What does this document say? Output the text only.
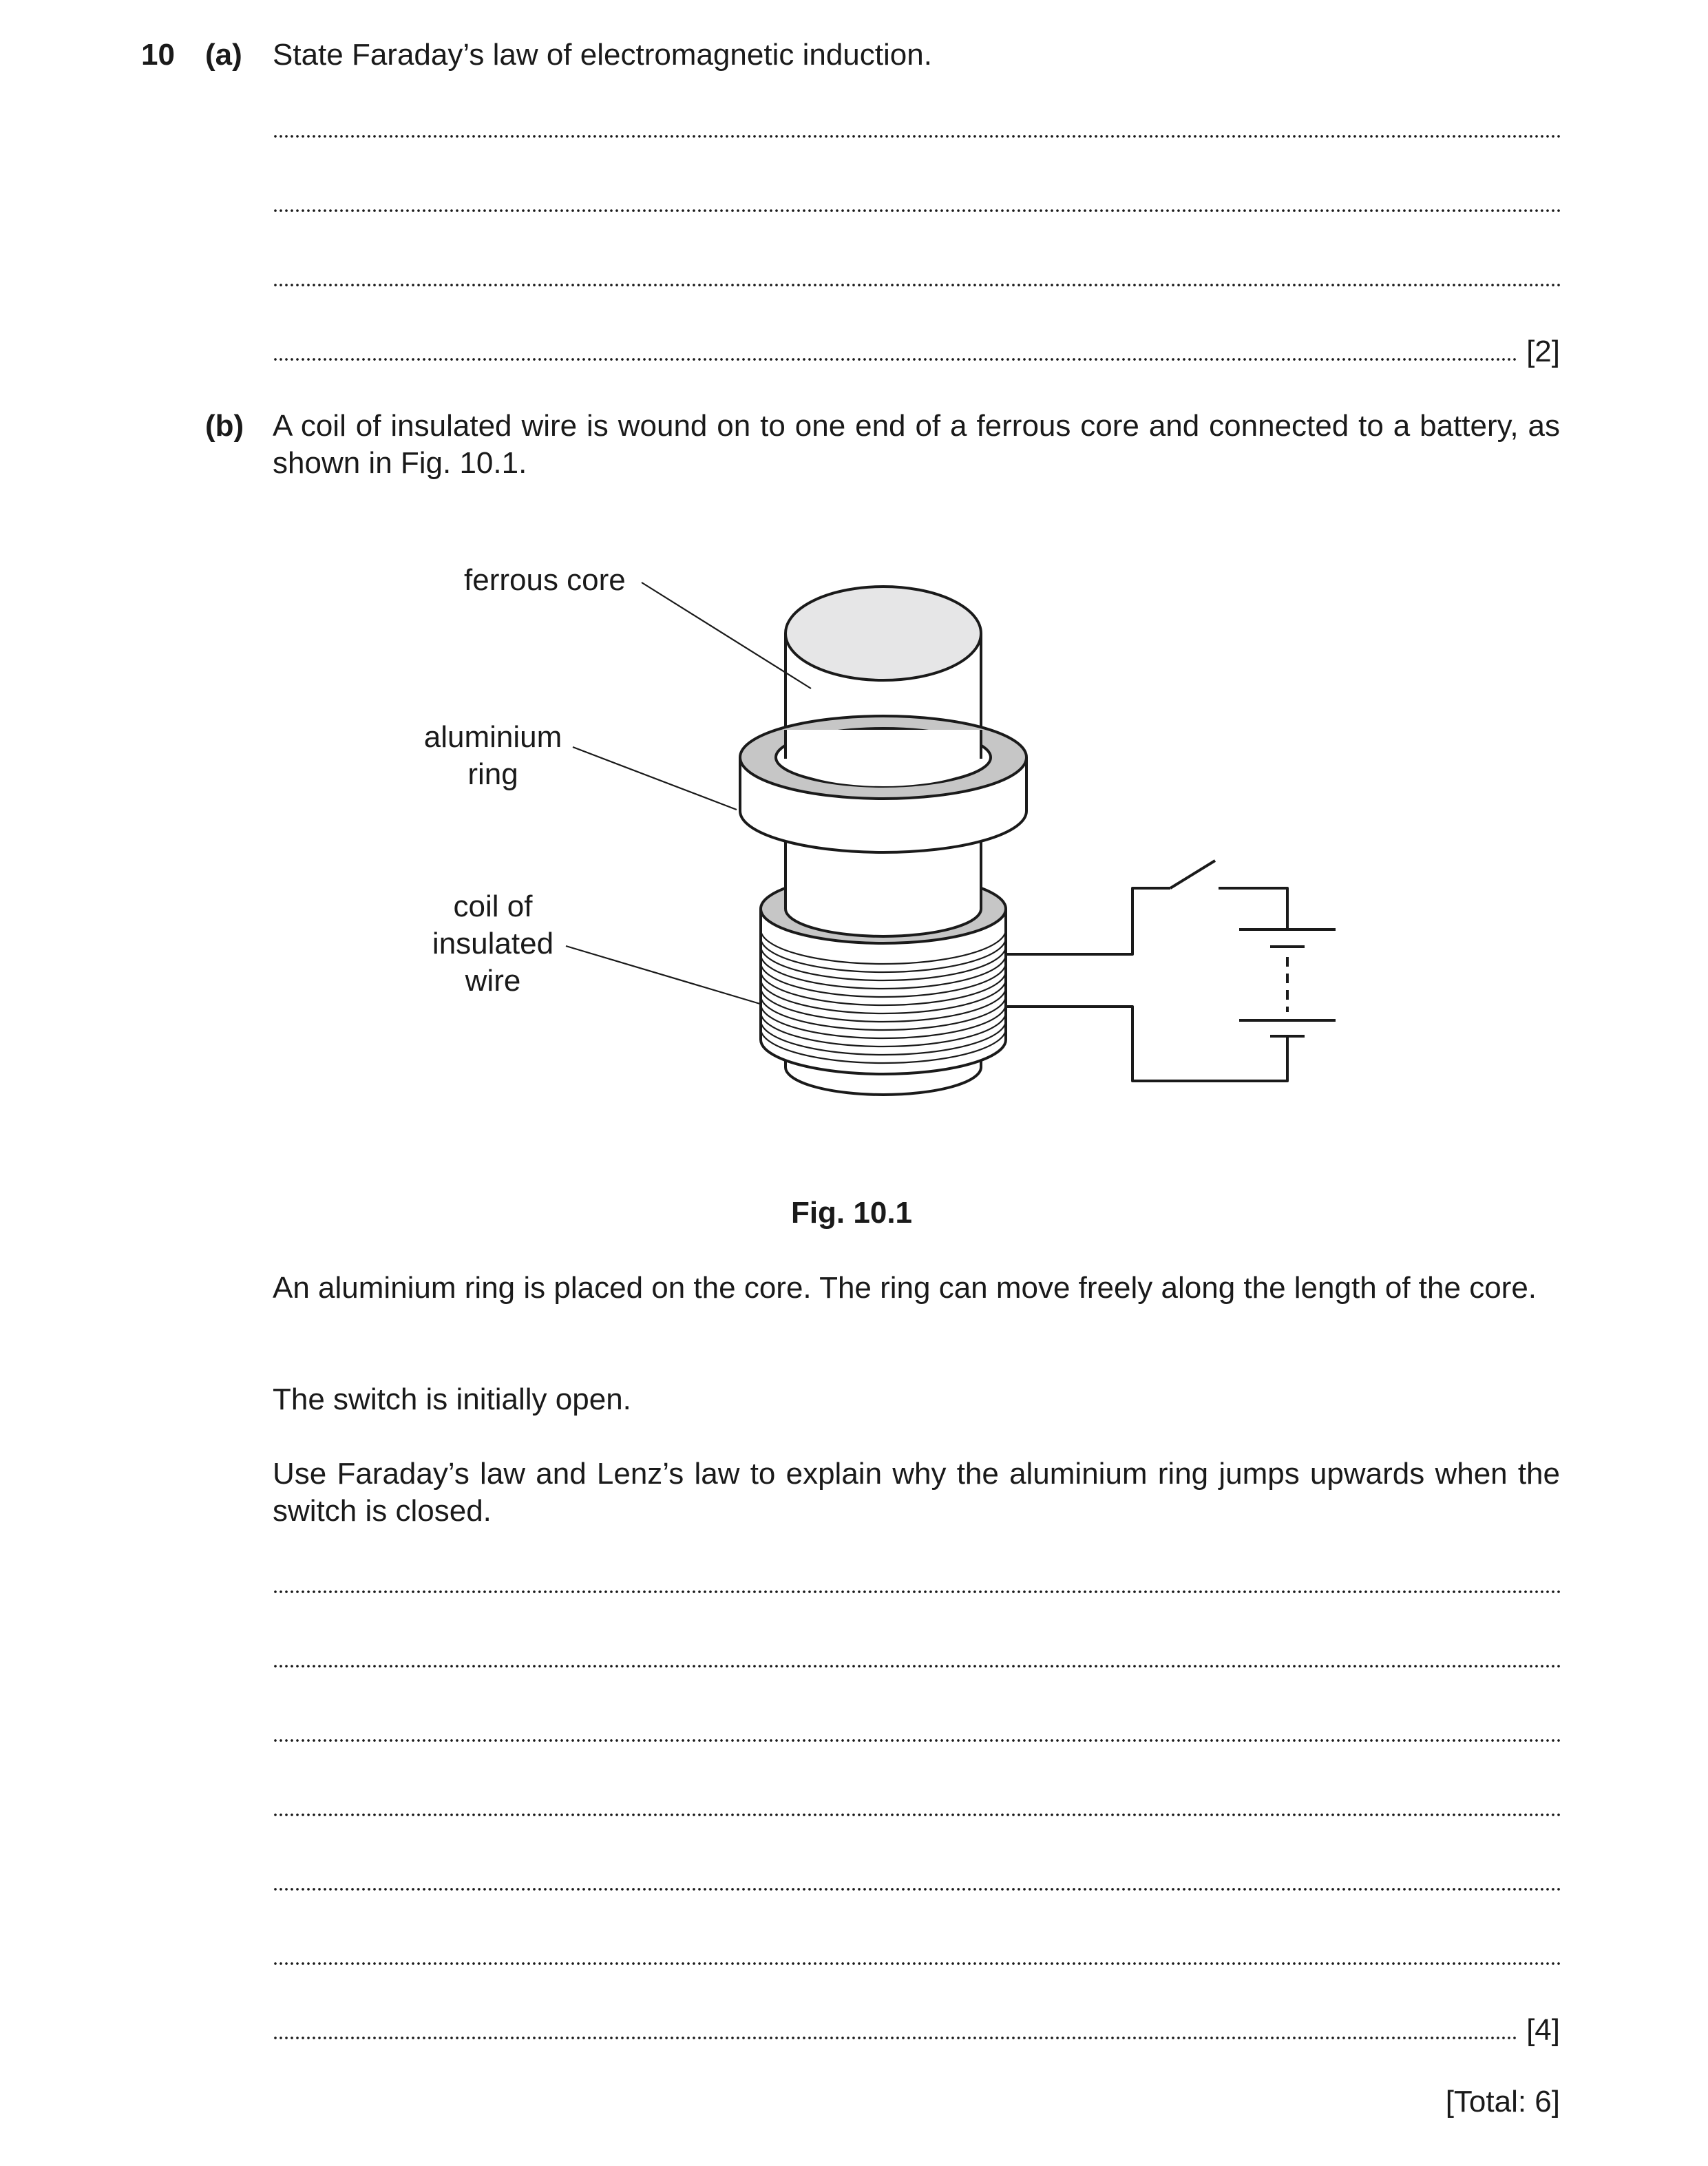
10 (a) State Faraday’s law of electromagnetic induction.
[2]
(b) A coil of insulated wire is wound on to one end of a ferrous core and connected to a battery, as shown in Fig. 10.1.
ferrous core
aluminium
ring
coil of
insulated
wire
Fig. 10.1
An aluminium ring is placed on the core. The ring can move freely along the length of the core.
The switch is initially open.
Use Faraday’s law and Lenz’s law to explain why the aluminium ring jumps upwards when the switch is closed.
[4]
[Total: 6]
